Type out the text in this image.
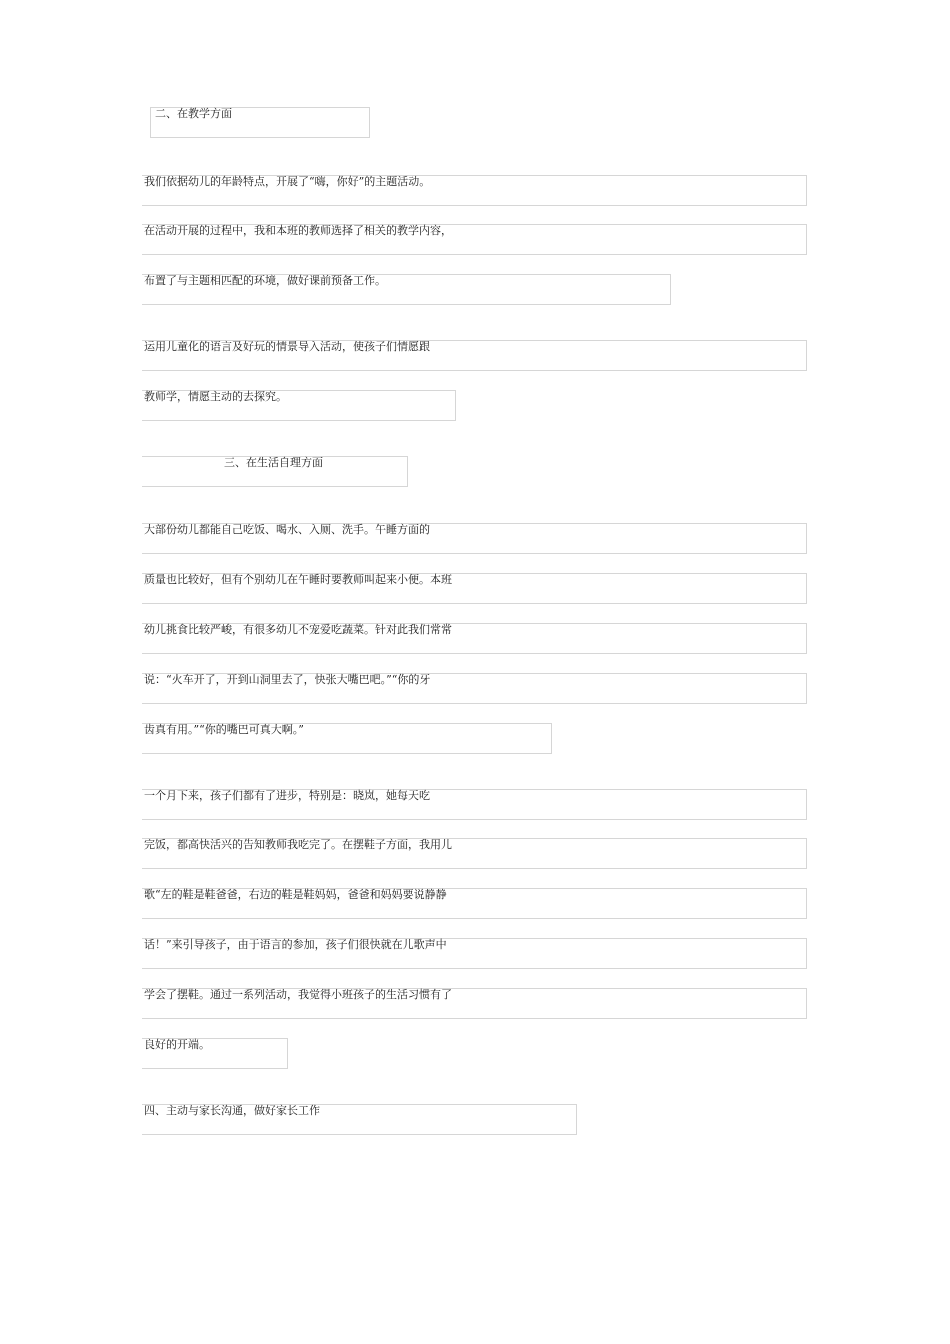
二、在教学方面
我们依据幼儿的年龄特点，开展了“嗨，你好”的主题活动。
在活动开展的过程中，我和本班的教师选择了相关的教学内容，
布置了与主题相匹配的环境，做好课前预备工作。
运用儿童化的语言及好玩的情景导入活动，使孩子们情愿跟
教师学，情愿主动的去探究。
三、在生活自理方面
大部份幼儿都能自己吃饭、喝水、入厕、洗手。午睡方面的
质量也比较好，但有个别幼儿在午睡时要教师叫起来小便。本班
幼儿挑食比较严峻，有很多幼儿不宠爱吃蔬菜。针对此我们常常
说：“火车开了，开到山洞里去了，快张大嘴巴吧。”“你的牙
齿真有用。”“你的嘴巴可真大啊。”
一个月下来，孩子们都有了进步，特别是：晓岚，她每天吃
完饭，都高快活兴的告知教师我吃完了。在摆鞋子方面，我用儿
歌“左的鞋是鞋爸爸，右边的鞋是鞋妈妈，爸爸和妈妈要说静静
话！”来引导孩子，由于语言的参加，孩子们很快就在儿歌声中
学会了摆鞋。通过一系列活动，我觉得小班孩子的生活习惯有了
良好的开端。
四、主动与家长沟通，做好家长工作
